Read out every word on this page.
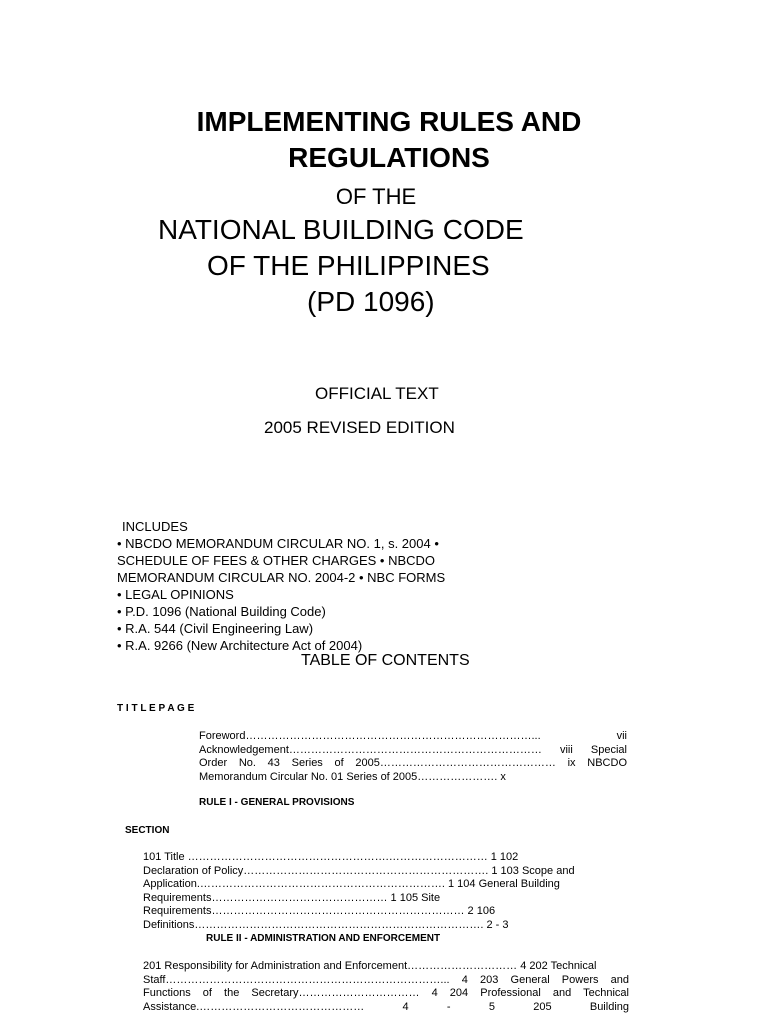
IMPLEMENTING RULES AND
REGULATIONS
OF THE
NATIONAL BUILDING CODE
OF THE PHILIPPINES
(PD 1096)
OFFICIAL TEXT
2005 REVISED EDITION
INCLUDES
• NBCDO MEMORANDUM CIRCULAR NO. 1, s. 2004 •
SCHEDULE OF FEES & OTHER CHARGES • NBCDO
MEMORANDUM CIRCULAR NO. 2004-2 • NBC FORMS
• LEGAL OPINIONS
• P.D. 1096 (National Building Code)
• R.A. 544 (Civil Engineering Law)
• R.A. 9266 (New Architecture Act of 2004)
TABLE OF CONTENTS
T I T L E P A G E

Foreword……………………………………………………………………... vii

Acknowledgement…………………………………………………………… viii Special

Order No. 43 Series of 2005………………………………………… ix NBCDO

Memorandum Circular No. 01 Series of 2005…………………. x

RULE I - GENERAL PROVISIONS
SECTION

101 Title ……………………………………………….……………………… 1 102

Declaration of Policy…………………………………………………………. 1 103 Scope and

Application.…………………………………………………………. 1 104 General Building

Requirements………………………………………… 1 105 Site

Requirements…………………………………………………………… 2 106

Definitions……………………………………………………………………. 2 - 3

RULE II - ADMINISTRATION AND ENFORCEMENT

201 Responsibility for Administration and Enforcement………………………… 4 202 Technical

Staff…………………………………………………………………... 4 203 General Powers and

Functions of the Secretary…………………………… 4 204 Professional and Technical

Assistance.……………………………………… 4 - 5 205 Building
